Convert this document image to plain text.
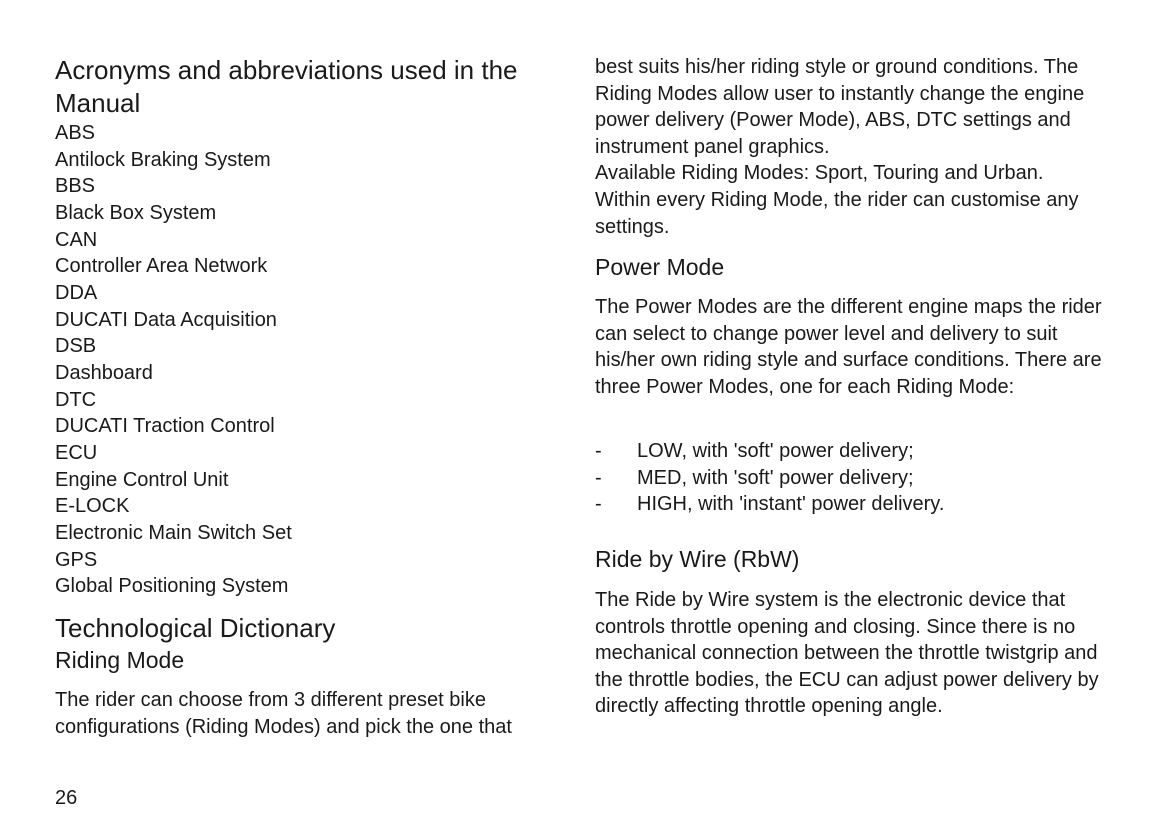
Acronyms and abbreviations used in the Manual
ABS
Antilock Braking System
BBS
Black Box System
CAN
Controller Area Network
DDA
DUCATI Data Acquisition
DSB
Dashboard
DTC
DUCATI Traction Control
ECU
Engine Control Unit
E-LOCK
Electronic Main Switch Set
GPS
Global Positioning System
Technological Dictionary
Riding Mode

The rider can choose from 3 different preset bike configurations (Riding Modes) and pick the one that

best suits his/her riding style or ground conditions. The Riding Modes allow user to instantly change the engine power delivery (Power Mode), ABS, DTC settings and instrument panel graphics.

Available Riding Modes: Sport, Touring and Urban.

Within every Riding Mode, the rider can customise any settings.

Power Mode

The Power Modes are the different engine maps the rider can select to change power level and delivery to suit his/her own riding style and surface conditions. There are three Power Modes, one for each Riding Mode:

-	LOW, with 'soft' power delivery;
-	MED, with 'soft' power delivery;
-	HIGH, with 'instant' power delivery.
Ride by Wire (RbW)

The Ride by Wire system is the electronic device that controls throttle opening and closing. Since there is no mechanical connection between the throttle twistgrip and the throttle bodies, the ECU can adjust power delivery by directly affecting throttle opening angle.

26
